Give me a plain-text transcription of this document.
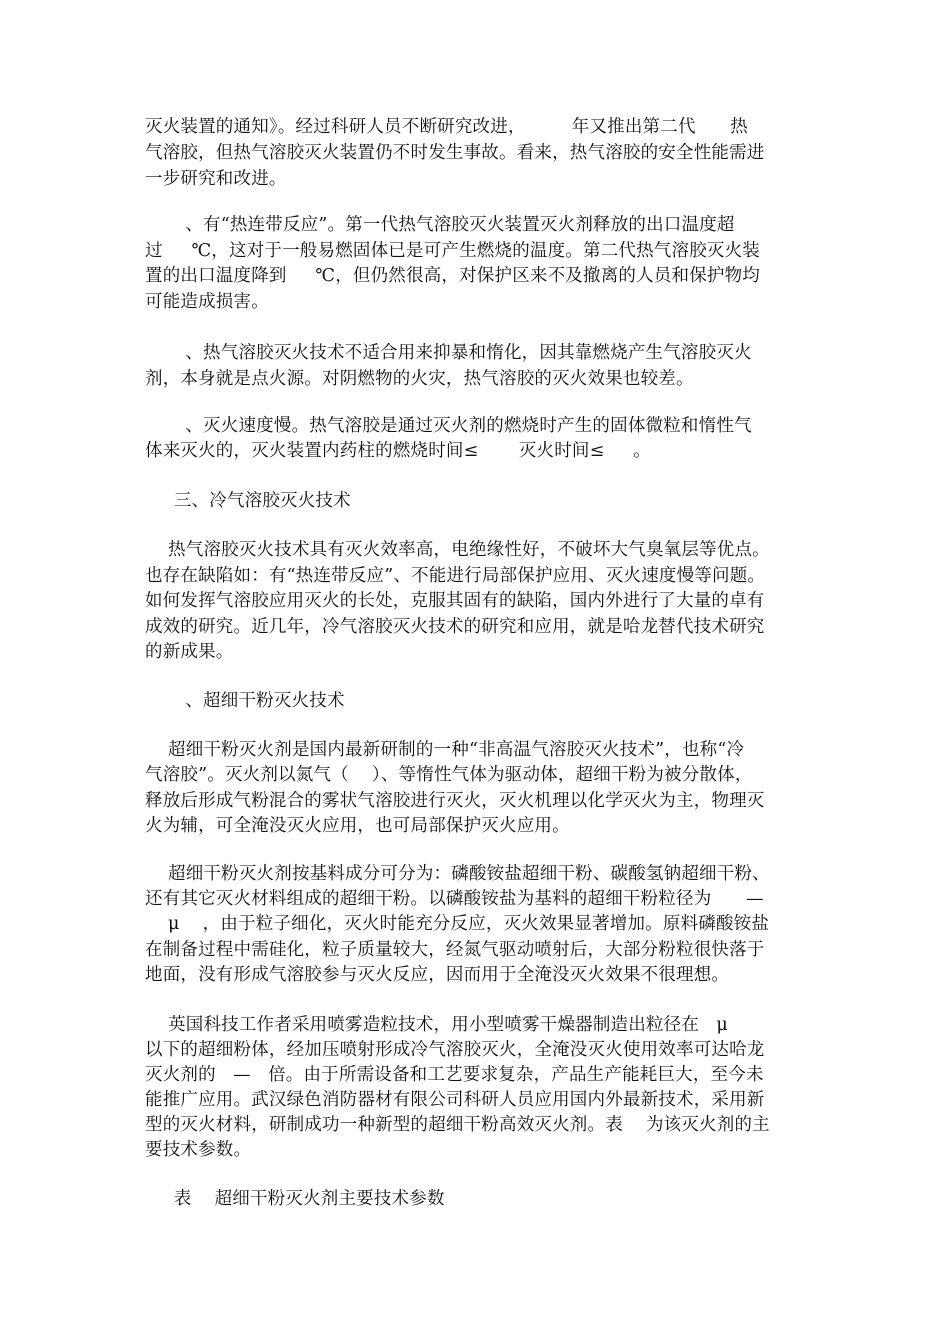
灭火装置的通知》。经过科研人员不断研究改进，        年又推出第二代      热
气溶胶，但热气溶胶灭火装置仍不时发生事故。看来，热气溶胶的安全性能需进
一步研究和改进。
、有“热连带反应”。第一代热气溶胶灭火装置灭火剂释放的出口温度超
过     ℃，这对于一般易燃固体已是可产生燃烧的温度。第二代热气溶胶灭火装
置的出口温度降到     ℃，但仍然很高，对保护区来不及撤离的人员和保护物均
可能造成损害。
、热气溶胶灭火技术不适合用来抑暴和惰化，因其靠燃烧产生气溶胶灭火
剂，本身就是点火源。对阴燃物的火灾，热气溶胶的灭火效果也较差。
、灭火速度慢。热气溶胶是通过灭火剂的燃烧时产生的固体微粒和惰性气
体来灭火的，灭火装置内药柱的燃烧时间≤       灭火时间≤     。
三、冷气溶胶灭火技术
热气溶胶灭火技术具有灭火效率高，电绝缘性好，不破坏大气臭氧层等优点。
也存在缺陷如：有“热连带反应”、不能进行局部保护应用、灭火速度慢等问题。
如何发挥气溶胶应用灭火的长处，克服其固有的缺陷，国内外进行了大量的卓有
成效的研究。近几年，冷气溶胶灭火技术的研究和应用，就是哈龙替代技术研究
的新成果。
、超细干粉灭火技术
超细干粉灭火剂是国内最新研制的一种“非高温气溶胶灭火技术”，也称“冷
气溶胶”。灭火剂以氮气（    ）、等惰性气体为驱动体，超细干粉为被分散体，
释放后形成气粉混合的雾状气溶胶进行灭火，灭火机理以化学灭火为主，物理灭
火为辅，可全淹没灭火应用，也可局部保护灭火应用。
超细干粉灭火剂按基料成分可分为：磷酸铵盐超细干粉、碳酸氢钠超细干粉、
还有其它灭火材料组成的超细干粉。以磷酸铵盐为基料的超细干粉粒径为      —
μ    ，由于粒子细化，灭火时能充分反应，灭火效果显著增加。原料磷酸铵盐
在制备过程中需硅化，粒子质量较大，经氮气驱动喷射后，大部分粉粒很快落于
地面，没有形成气溶胶参与灭火反应，因而用于全淹没灭火效果不很理想。
英国科技工作者采用喷雾造粒技术，用小型喷雾干燥器制造出粒径在   μ
以下的超细粉体，经加压喷射形成冷气溶胶灭火，全淹没灭火使用效率可达哈龙
灭火剂的   —   倍。由于所需设备和工艺要求复杂，产品生产能耗巨大，至今未
能推广应用。武汉绿色消防器材有限公司科研人员应用国内外最新技术，采用新
型的灭火材料，研制成功一种新型的超细干粉高效灭火剂。表    为该灭火剂的主
要技术参数。
表    超细干粉灭火剂主要技术参数
